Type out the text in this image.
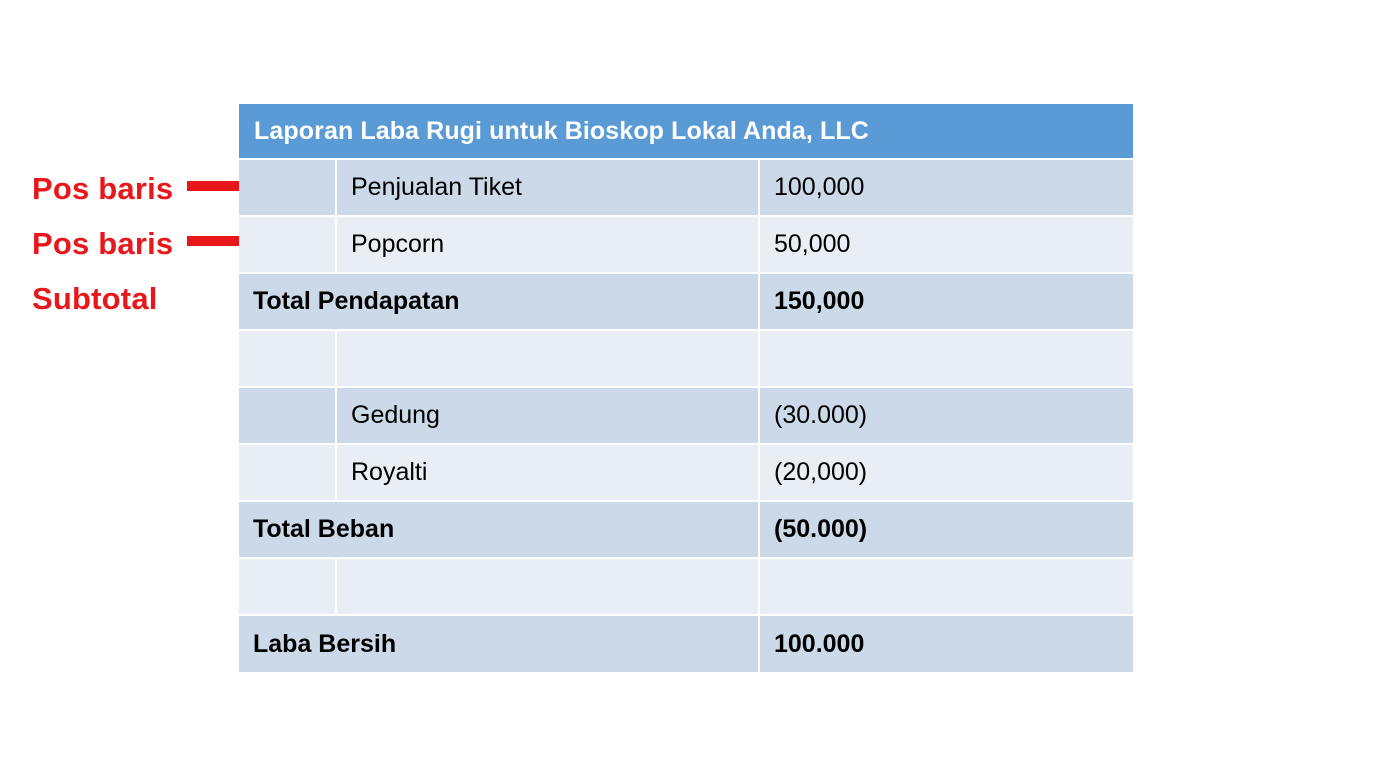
Pos baris
Pos baris
Subtotal
Laporan Laba Rugi untuk Bioskop Lokal Anda, LLC		
	Penjualan Tiket	100,000
	Popcorn	50,000
Total Pendapatan		150,000

	Gedung	(30.000)
	Royalti	(20,000)
Total Beban		(50.000)

Laba Bersih		100.000
